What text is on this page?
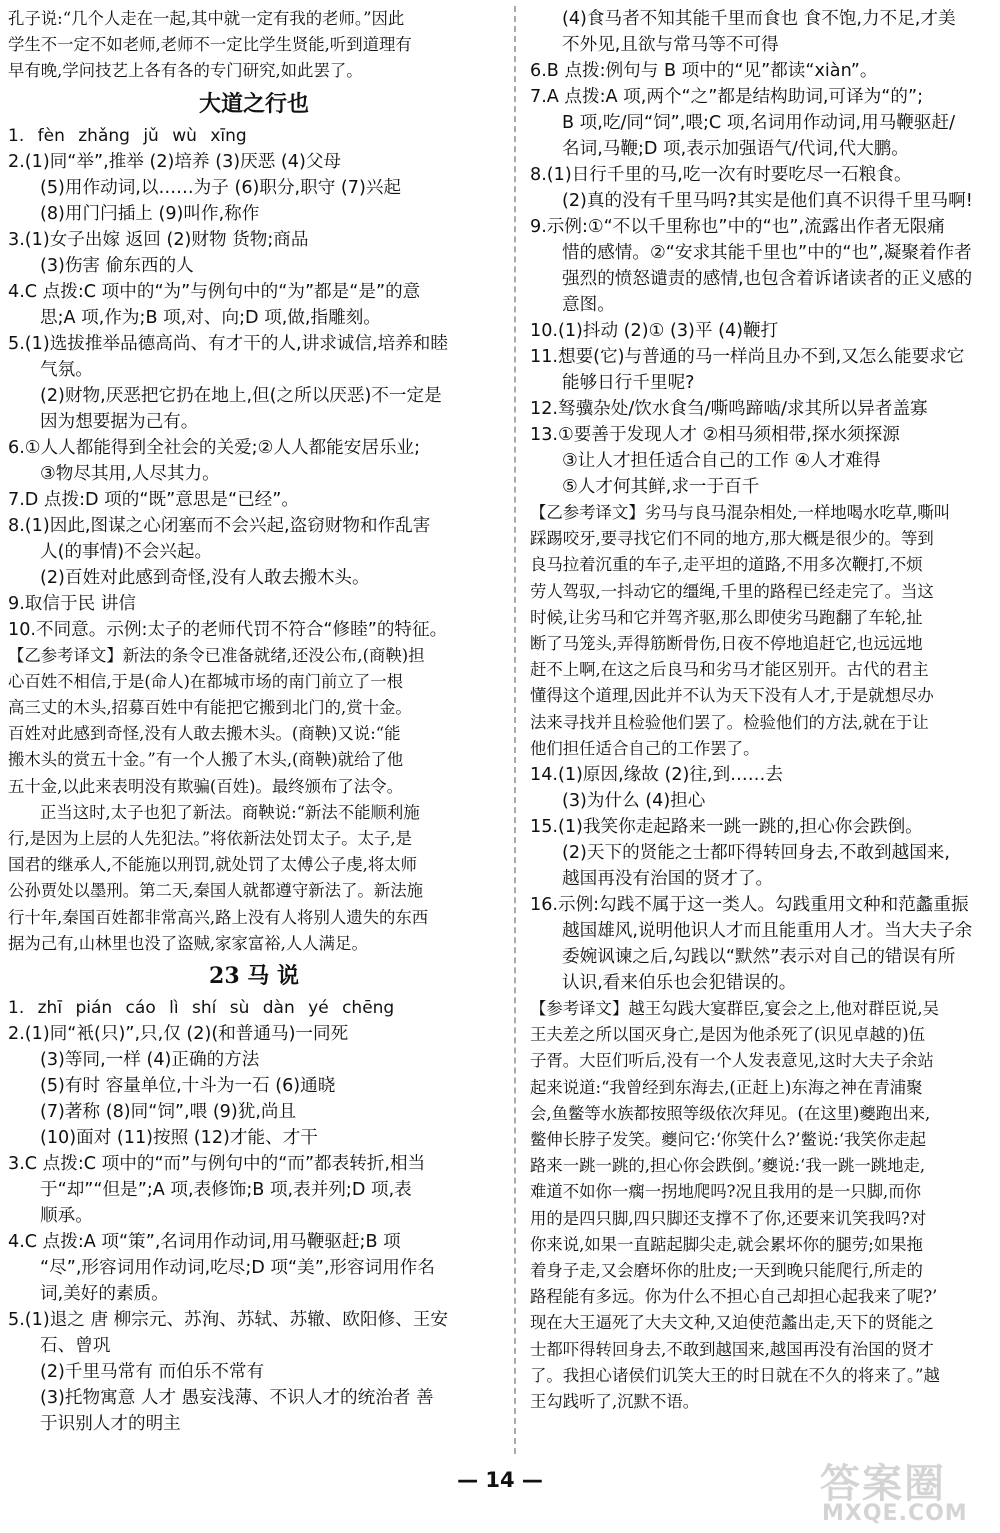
孔子说:“几个人走在一起,其中就一定有我的老师。”因此
学生不一定不如老师,老师不一定比学生贤能,听到道理有
早有晚,学问技艺上各有各的专门研究,如此罢了。
大道之行也
1. fèn zhǎng jǔ wù xīng
2.(1)同“举”,推举 (2)培养 (3)厌恶 (4)父母
(5)用作动词,以……为子 (6)职分,职守 (7)兴起
(8)用门闩插上 (9)叫作,称作
3.(1)女子出嫁 返回 (2)财物 货物;商品
(3)伤害 偷东西的人
4.C 点拨:C 项中的“为”与例句中的“为”都是“是”的意
思;A 项,作为;B 项,对、向;D 项,做,指雕刻。
5.(1)选拔推举品德高尚、有才干的人,讲求诚信,培养和睦
气氛。
(2)财物,厌恶把它扔在地上,但(之所以厌恶)不一定是
因为想要据为己有。
6.①人人都能得到全社会的关爱;②人人都能安居乐业;
③物尽其用,人尽其力。
7.D 点拨:D 项的“既”意思是“已经”。
8.(1)因此,图谋之心闭塞而不会兴起,盗窃财物和作乱害
人(的事情)不会兴起。
(2)百姓对此感到奇怪,没有人敢去搬木头。
9.取信于民 讲信
10.不同意。示例:太子的老师代罚不符合“修睦”的特征。
【乙参考译文】新法的条令已准备就绪,还没公布,(商鞅)担
心百姓不相信,于是(命人)在都城市场的南门前立了一根
高三丈的木头,招募百姓中有能把它搬到北门的,赏十金。
百姓对此感到奇怪,没有人敢去搬木头。(商鞅)又说:“能
搬木头的赏五十金。”有一个人搬了木头,(商鞅)就给了他
五十金,以此来表明没有欺骗(百姓)。最终颁布了法令。
正当这时,太子也犯了新法。商鞅说:“新法不能顺利施
行,是因为上层的人先犯法。”将依新法处罚太子。太子,是
国君的继承人,不能施以刑罚,就处罚了太傅公子虔,将太师
公孙贾处以墨刑。第二天,秦国人就都遵守新法了。新法施
行十年,秦国百姓都非常高兴,路上没有人将别人遗失的东西
据为己有,山林里也没了盗贼,家家富裕,人人满足。
23 马 说
1. zhī pián cáo lì shí sù dàn yé chēng
2.(1)同“衹(只)”,只,仅 (2)(和普通马)一同死
(3)等同,一样 (4)正确的方法
(5)有时 容量单位,十斗为一石 (6)通晓
(7)著称 (8)同“饲”,喂 (9)犹,尚且
(10)面对 (11)按照 (12)才能、才干
3.C 点拨:C 项中的“而”与例句中的“而”都表转折,相当
于“却”“但是”;A 项,表修饰;B 项,表并列;D 项,表
顺承。
4.C 点拨:A 项“策”,名词用作动词,用马鞭驱赶;B 项
“尽”,形容词用作动词,吃尽;D 项“美”,形容词用作名
词,美好的素质。
5.(1)退之 唐 柳宗元、苏洵、苏轼、苏辙、欧阳修、王安
石、曾巩
(2)千里马常有 而伯乐不常有
(3)托物寓意 人才 愚妄浅薄、不识人才的统治者 善
于识别人才的明主
(4)食马者不知其能千里而食也 食不饱,力不足,才美
不外见,且欲与常马等不可得
6.B 点拨:例句与 B 项中的“见”都读“xiàn”。
7.A 点拨:A 项,两个“之”都是结构助词,可译为“的”;
B 项,吃/同“饲”,喂;C 项,名词用作动词,用马鞭驱赶/
名词,马鞭;D 项,表示加强语气/代词,代大鹏。
8.(1)日行千里的马,吃一次有时要吃尽一石粮食。
(2)真的没有千里马吗?其实是他们真不识得千里马啊!
9.示例:①“不以千里称也”中的“也”,流露出作者无限痛
惜的感情。②“安求其能千里也”中的“也”,凝聚着作者
强烈的愤怒谴责的感情,也包含着诉诸读者的正义感的
意图。
10.(1)抖动 (2)① (3)平 (4)鞭打
11.想要(它)与普通的马一样尚且办不到,又怎么能要求它
能够日行千里呢?
12.驽骥杂处/饮水食刍/嘶鸣蹄啮/求其所以异者盖寡
13.①要善于发现人才 ②相马须相带,探水须探源
③让人才担任适合自己的工作 ④人才难得
⑤人才何其鲜,求一于百千
【乙参考译文】劣马与良马混杂相处,一样地喝水吃草,嘶叫
踩踢咬牙,要寻找它们不同的地方,那大概是很少的。等到
良马拉着沉重的车子,走平坦的道路,不用多次鞭打,不烦
劳人驾驭,一抖动它的缰绳,千里的路程已经走完了。当这
时候,让劣马和它并驾齐驱,那么即使劣马跑翻了车轮,扯
断了马笼头,弄得筋断骨伤,日夜不停地追赶它,也远远地
赶不上啊,在这之后良马和劣马才能区别开。古代的君主
懂得这个道理,因此并不认为天下没有人才,于是就想尽办
法来寻找并且检验他们罢了。检验他们的方法,就在于让
他们担任适合自己的工作罢了。
14.(1)原因,缘故 (2)往,到……去
(3)为什么 (4)担心
15.(1)我笑你走起路来一跳一跳的,担心你会跌倒。
(2)天下的贤能之士都吓得转回身去,不敢到越国来,
越国再没有治国的贤才了。
16.示例:勾践不属于这一类人。勾践重用文种和范蠡重振
越国雄风,说明他识人才而且能重用人才。当大夫子余
委婉讽谏之后,勾践以“默然”表示对自己的错误有所
认识,看来伯乐也会犯错误的。
【参考译文】越王勾践大宴群臣,宴会之上,他对群臣说,吴
王夫差之所以国灭身亡,是因为他杀死了(识见卓越的)伍
子胥。大臣们听后,没有一个人发表意见,这时大夫子余站
起来说道:“我曾经到东海去,(正赶上)东海之神在青浦聚
会,鱼鳖等水族都按照等级依次拜见。(在这里)夔跑出来,
鳖伸长脖子发笑。夔问它:‘你笑什么?’鳖说:‘我笑你走起
路来一跳一跳的,担心你会跌倒。’夔说:‘我一跳一跳地走,
难道不如你一瘸一拐地爬吗?况且我用的是一只脚,而你
用的是四只脚,四只脚还支撑不了你,还要来讥笑我吗?对
你来说,如果一直踮起脚尖走,就会累坏你的腿劳;如果拖
着身子走,又会磨坏你的肚皮;一天到晚只能爬行,所走的
路程能有多远。你为什么不担心自己却担心起我来了呢?’
现在大王逼死了大夫文种,又迫使范蠡出走,天下的贤能之
士都吓得转回身去,不敢到越国来,越国再没有治国的贤才
了。我担心诸侯们讥笑大王的时日就在不久的将来了。”越
王勾践听了,沉默不语。
— 14 —	答案圈
MXQE.COM
